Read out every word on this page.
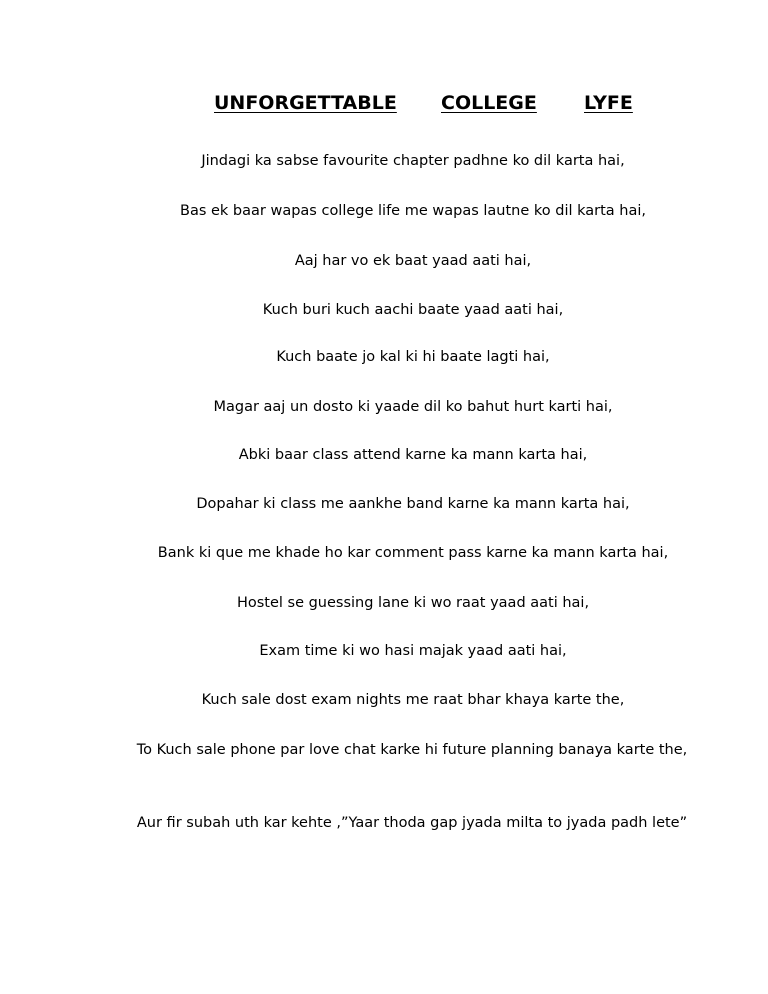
UNFORGETTABLE COLLEGE LYFE
Jindagi ka sabse favourite chapter padhne ko dil karta hai,
Bas ek baar wapas college life me wapas lautne ko dil karta hai,
Aaj har vo ek baat yaad aati hai,
Kuch buri kuch aachi baate yaad aati hai,
Kuch baate jo kal ki hi baate lagti hai,
Magar aaj un dosto ki yaade dil ko bahut hurt karti hai,
Abki baar class attend karne ka mann karta hai,
Dopahar ki class me aankhe band karne ka mann karta hai,
Bank ki que me khade ho kar comment pass karne ka mann karta hai,
Hostel se guessing lane ki wo raat yaad aati hai,
Exam time ki wo hasi majak yaad aati hai,
Kuch sale dost exam nights me raat bhar khaya karte the,
To Kuch sale phone par love chat karke hi future planning banaya karte the,
Aur fir subah uth kar kehte ,”Yaar thoda gap jyada milta to jyada padh lete”
